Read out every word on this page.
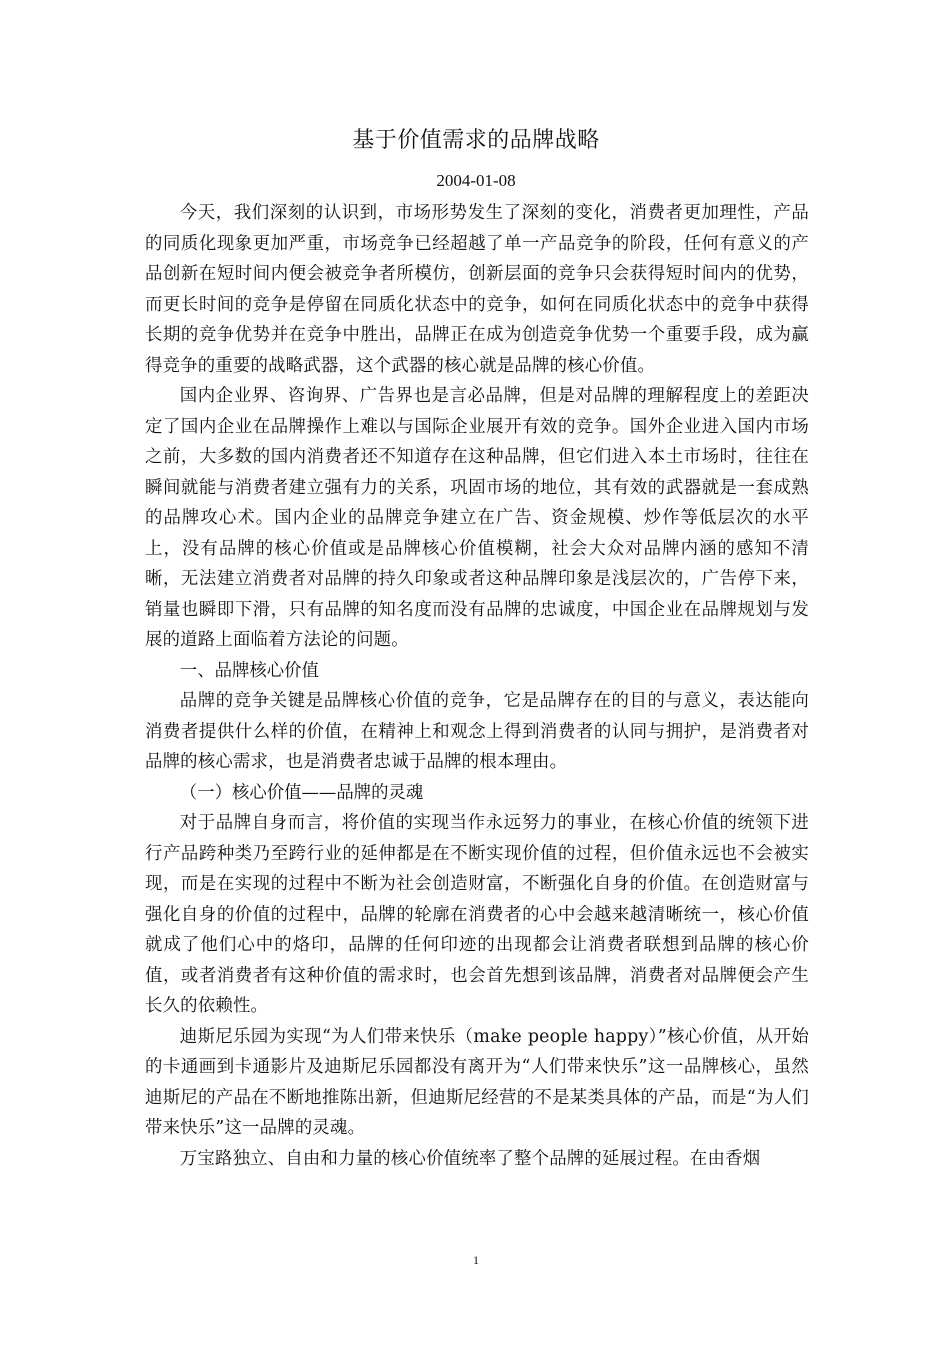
基于价值需求的品牌战略
2004-01-08

今天，我们深刻的认识到，市场形势发生了深刻的变化，消费者更加理性，产品的同质化现象更加严重，市场竞争已经超越了单一产品竞争的阶段，任何有意义的产品创新在短时间内便会被竞争者所模仿，创新层面的竞争只会获得短时间内的优势，而更长时间的竞争是停留在同质化状态中的竞争，如何在同质化状态中的竞争中获得长期的竞争优势并在竞争中胜出，品牌正在成为创造竞争优势一个重要手段，成为赢得竞争的重要的战略武器，这个武器的核心就是品牌的核心价值。

国内企业界、咨询界、广告界也是言必品牌，但是对品牌的理解程度上的差距决定了国内企业在品牌操作上难以与国际企业展开有效的竞争。国外企业进入国内市场之前，大多数的国内消费者还不知道存在这种品牌，但它们进入本土市场时，往往在瞬间就能与消费者建立强有力的关系，巩固市场的地位，其有效的武器就是一套成熟的品牌攻心术。国内企业的品牌竞争建立在广告、资金规模、炒作等低层次的水平上，没有品牌的核心价值或是品牌核心价值模糊，社会大众对品牌内涵的感知不清晰，无法建立消费者对品牌的持久印象或者这种品牌印象是浅层次的，广告停下来，销量也瞬即下滑，只有品牌的知名度而没有品牌的忠诚度，中国企业在品牌规划与发展的道路上面临着方法论的问题。

一、品牌核心价值

品牌的竞争关键是品牌核心价值的竞争，它是品牌存在的目的与意义，表达能向消费者提供什么样的价值，在精神上和观念上得到消费者的认同与拥护，是消费者对品牌的核心需求，也是消费者忠诚于品牌的根本理由。

（一）核心价值——品牌的灵魂

对于品牌自身而言，将价值的实现当作永远努力的事业，在核心价值的统领下进行产品跨种类乃至跨行业的延伸都是在不断实现价值的过程，但价值永远也不会被实现，而是在实现的过程中不断为社会创造财富，不断强化自身的价值。在创造财富与强化自身的价值的过程中，品牌的轮廓在消费者的心中会越来越清晰统一，核心价值就成了他们心中的烙印，品牌的任何印迹的出现都会让消费者联想到品牌的核心价值，或者消费者有这种价值的需求时，也会首先想到该品牌，消费者对品牌便会产生长久的依赖性。

迪斯尼乐园为实现“为人们带来快乐（make people happy）”核心价值，从开始的卡通画到卡通影片及迪斯尼乐园都没有离开为“人们带来快乐”这一品牌核心，虽然迪斯尼的产品在不断地推陈出新，但迪斯尼经营的不是某类具体的产品，而是“为人们带来快乐”这一品牌的灵魂。

万宝路独立、自由和力量的核心价值统率了整个品牌的延展过程。在由香烟

1
